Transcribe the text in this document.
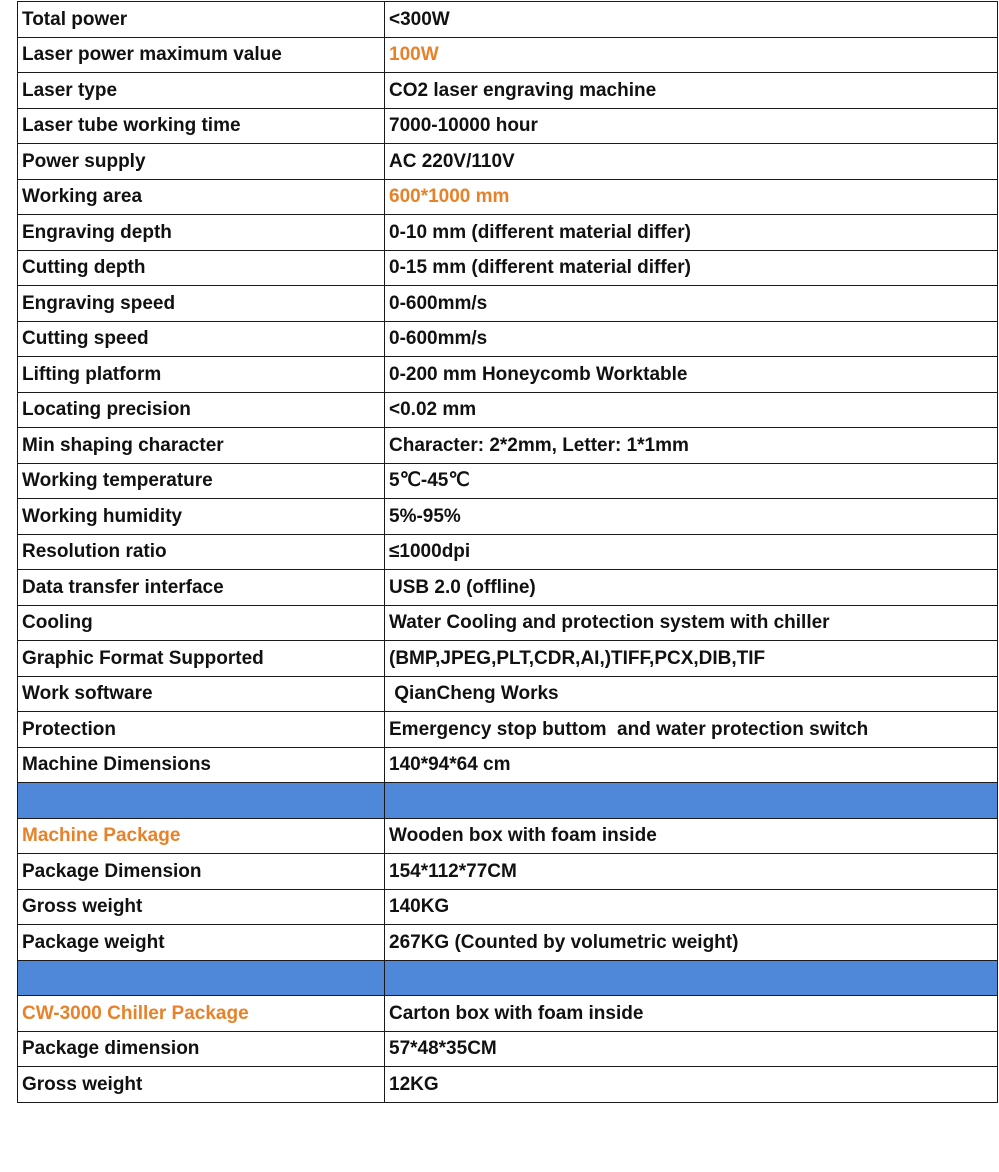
Total power	<300W
Laser power maximum value	100W
Laser type	CO2 laser engraving machine
Laser tube working time	7000-10000 hour
Power supply	AC 220V/110V
Working area	600*1000 mm
Engraving depth	0-10 mm (different material differ)
Cutting depth	0-15 mm (different material differ)
Engraving speed	0-600mm/s
Cutting speed	0-600mm/s
Lifting platform	0-200 mm Honeycomb Worktable
Locating precision	<0.02 mm
Min shaping character	Character: 2*2mm, Letter: 1*1mm
Working temperature	5℃-45℃
Working humidity	5%-95%
Resolution ratio	≤1000dpi
Data transfer interface	USB 2.0 (offline)
Cooling	Water Cooling and protection system with chiller
Graphic Format Supported	(BMP,JPEG,PLT,CDR,AI,)TIFF,PCX,DIB,TIF
Work software	QianCheng Works
Protection	Emergency stop buttom  and water protection switch
Machine Dimensions	140*94*64 cm

Machine Package	Wooden box with foam inside
Package Dimension	154*112*77CM
Gross weight	140KG
Package weight	267KG (Counted by volumetric weight)

CW-3000 Chiller Package	Carton box with foam inside
Package dimension	57*48*35CM
Gross weight	12KG
